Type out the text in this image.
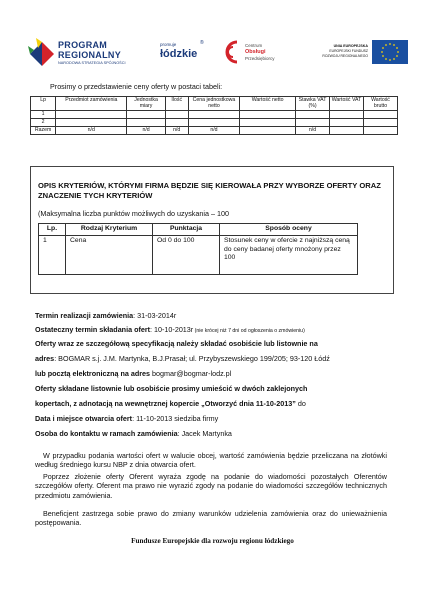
PROGRAM
REGIONALNY
NARODOWA STRATEGIA SPÓJNOŚCI
promuje
łódzkie
®	Centrum
Obsługi
Przedsiębiorcy
UNIA EUROPEJSKA
EUROPEJSKI FUNDUSZ
ROZWOJU REGIONALNEGO
Prosimy o przedstawienie ceny oferty w postaci tabeli:
Lp	Przedmiot zamówienia	Jednostka miary	Ilość	Cena jednostkowa netto	Wartość netto	Stawka VAT (%)	Wartość VAT	Wartość brutto
1								
2								
Razem	n/d	n/d	n/d	n/d		n/d		
OPIS KRYTERIÓW, KTÓRYMI FIRMA BĘDZIE SIĘ KIEROWAŁA PRZY WYBORZE OFERTY ORAZ ZNACZENIE TYCH KRYTERIÓW
(Maksymalna liczba punktów możliwych do uzyskania – 100
Lp.	Rodzaj Kryterium	Punktacja	Sposób oceny
1	Cena	Od 0 do 100	Stosunek ceny w ofercie z najniższą ceną do ceny badanej oferty mnożony przez 100
Termin realizacji zamówienia: 31-03-2014r
Ostateczny termin składania ofert: 10-10-2013r (nie krócej niż 7 dni od ogłoszenia o zmówieniu)
Oferty wraz ze szczegółową specyfikacją należy składać osobiście lub listownie na
adres: BOGMAR s.j. J.M. Martynka, B.J.Prasał; ul. Przybyszewskiego 199/205; 93-120 Łódź
lub pocztą elektroniczną na adres bogmar@bogmar-lodz.pl
Oferty składane listownie lub osobiście prosimy umieścić w dwóch zaklejonych
kopertach, z adnotacją na wewnętrznej kopercie „Otworzyć dnia 11-10-2013” do
Data i miejsce otwarcia ofert: 11-10-2013 siedziba firmy
Osoba do kontaktu w ramach zamówienia: Jacek Martynka
W przypadku podania wartości ofert w walucie obcej, wartość zamówienia będzie przeliczana na złotówki według średniego kursu NBP z dnia otwarcia ofert.
Poprzez złożenie oferty Oferent wyraża zgodę na podanie do wiadomości pozostałych Oferentów szczegółów oferty. Oferent ma prawo nie wyrazić zgody na podanie do wiadomości szczegółów technicznych przedmiotu zamówienia.
Beneficjent zastrzega sobie prawo do zmiany warunków udzielenia zamówienia oraz do unieważnienia postępowania.
Fundusze Europejskie dla rozwoju regionu łódzkiego
